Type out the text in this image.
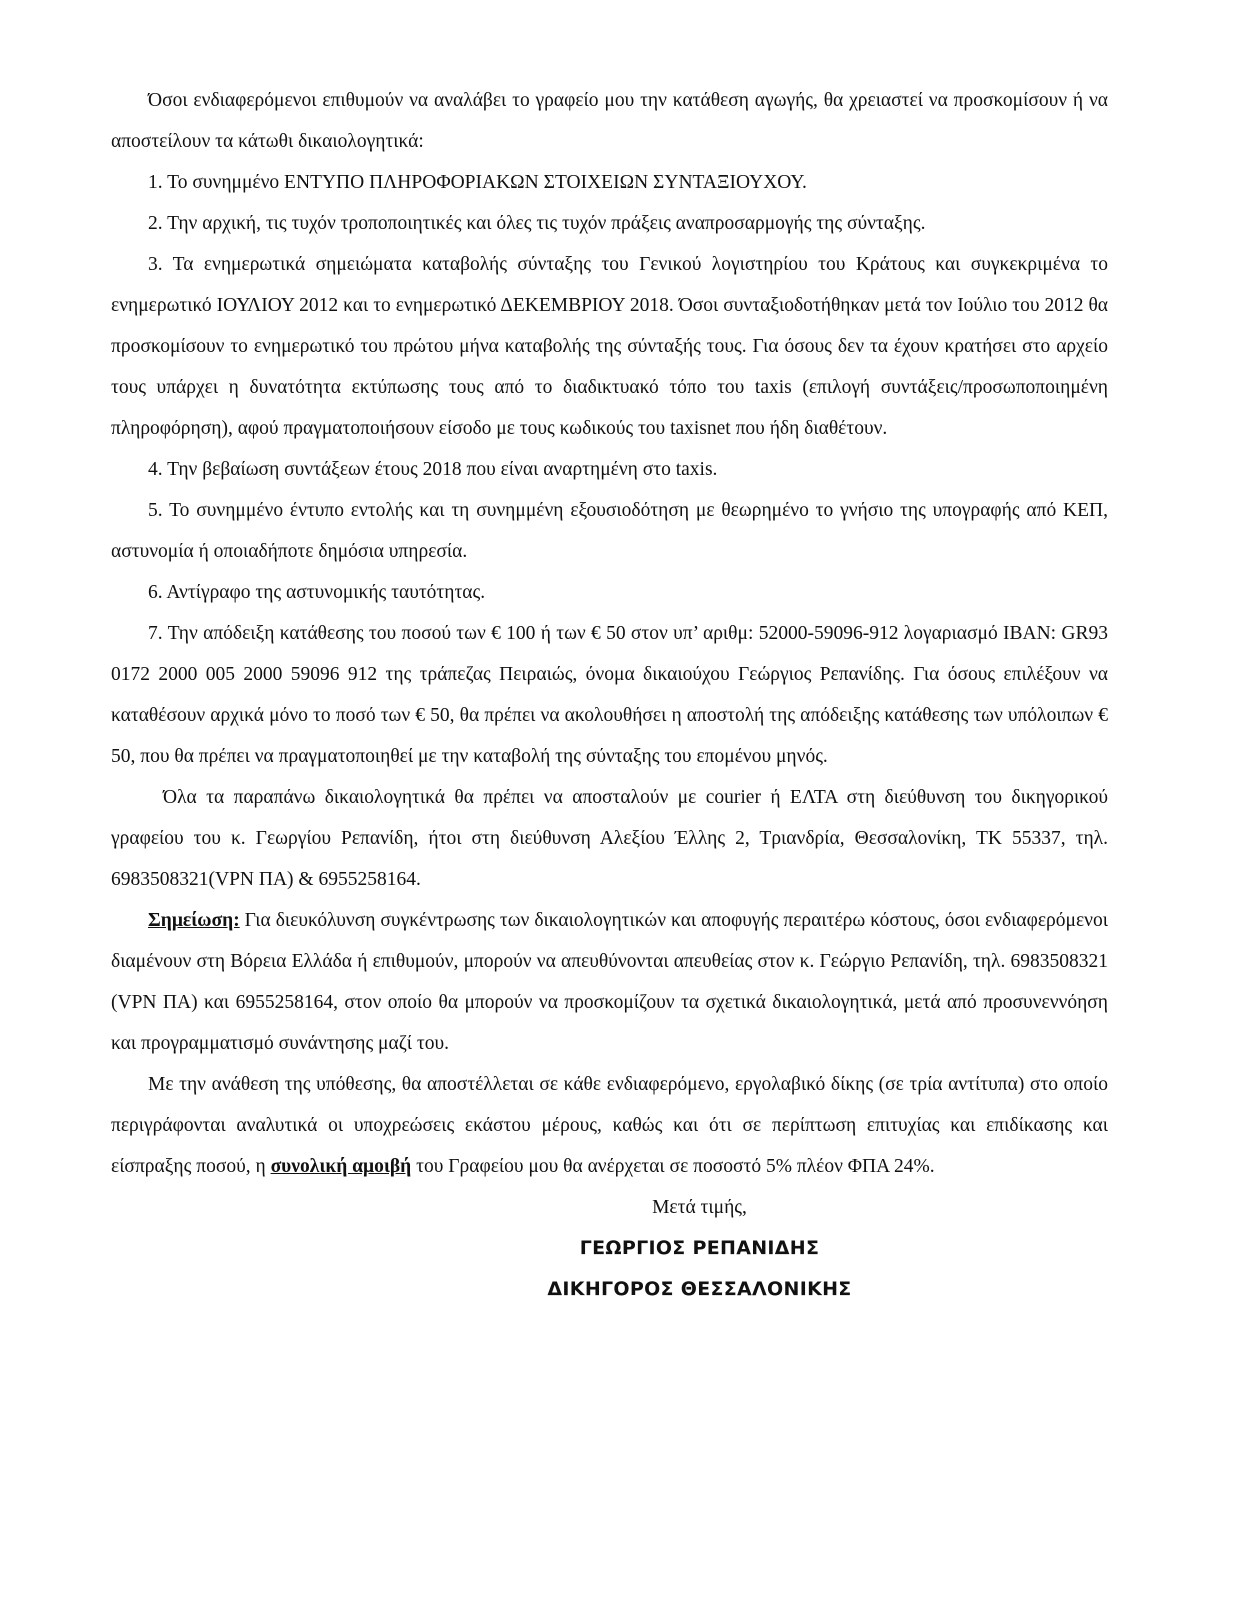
Όσοι ενδιαφερόμενοι επιθυμούν να αναλάβει το γραφείο μου την κατάθεση αγωγής, θα χρειαστεί να προσκομίσουν ή να αποστείλουν τα κάτωθι δικαιολογητικά:

1. Το συνημμένο ΕΝΤΥΠΟ ΠΛΗΡΟΦΟΡΙΑΚΩΝ ΣΤΟΙΧΕΙΩΝ ΣΥΝΤΑΞΙΟΥΧΟΥ.

2. Την αρχική, τις τυχόν τροποποιητικές και όλες τις τυχόν πράξεις αναπροσαρμογής της σύνταξης.

3. Τα ενημερωτικά σημειώματα καταβολής σύνταξης του Γενικού λογιστηρίου του Κράτους και συγκεκριμένα το ενημερωτικό ΙΟΥΛΙΟΥ 2012 και το ενημερωτικό ΔΕΚΕΜΒΡΙΟΥ 2018. Όσοι συνταξιοδοτήθηκαν μετά τον Ιούλιο του 2012 θα προσκομίσουν το ενημερωτικό του πρώτου μήνα καταβολής της σύνταξής τους. Για όσους δεν τα έχουν κρατήσει στο αρχείο τους υπάρχει η δυνατότητα εκτύπωσης τους από το διαδικτυακό τόπο του taxis (επιλογή συντάξεις/προσωποποιημένη πληροφόρηση), αφού πραγματοποιήσουν είσοδο με τους κωδικούς του taxisnet που ήδη διαθέτουν.

4. Την βεβαίωση συντάξεων έτους 2018 που είναι αναρτημένη στο taxis.

5. Το συνημμένο έντυπο εντολής και τη συνημμένη εξουσιοδότηση με θεωρημένο το γνήσιο της υπογραφής από ΚΕΠ, αστυνομία ή οποιαδήποτε δημόσια υπηρεσία.

6. Αντίγραφο της αστυνομικής ταυτότητας.

7. Την απόδειξη κατάθεσης του ποσού των € 100 ή των € 50 στον υπ’ αριθμ: 52000-59096-912 λογαριασμό IBAN: GR93 0172 2000 005 2000 59096 912 της τράπεζας Πειραιώς, όνομα δικαιούχου Γεώργιος Ρεπανίδης. Για όσους επιλέξουν να καταθέσουν αρχικά μόνο το ποσό των € 50, θα πρέπει να ακολουθήσει η αποστολή της απόδειξης κατάθεσης των υπόλοιπων € 50, που θα πρέπει να πραγματοποιηθεί με την καταβολή της σύνταξης του επομένου μηνός.

Όλα τα παραπάνω δικαιολογητικά θα πρέπει να αποσταλούν με courier ή ΕΛΤΑ στη διεύθυνση του δικηγορικού γραφείου του κ. Γεωργίου Ρεπανίδη, ήτοι στη διεύθυνση Αλεξίου Έλλης 2, Τριανδρία, Θεσσαλονίκη, ΤΚ 55337, τηλ. 6983508321(VPN ΠΑ) & 6955258164.

Σημείωση: Για διευκόλυνση συγκέντρωσης των δικαιολογητικών και αποφυγής περαιτέρω κόστους, όσοι ενδιαφερόμενοι διαμένουν στη Βόρεια Ελλάδα ή επιθυμούν, μπορούν να απευθύνονται απευθείας στον κ. Γεώργιο Ρεπανίδη, τηλ. 6983508321 (VPN ΠΑ) και 6955258164, στον οποίο θα μπορούν να προσκομίζουν τα σχετικά δικαιολογητικά, μετά από προσυνεννόηση και προγραμματισμό συνάντησης μαζί του.

Με την ανάθεση της υπόθεσης, θα αποστέλλεται σε κάθε ενδιαφερόμενο, εργολαβικό δίκης (σε τρία αντίτυπα) στο οποίο περιγράφονται αναλυτικά οι υποχρεώσεις εκάστου μέρους, καθώς και ότι σε περίπτωση επιτυχίας και επιδίκασης και είσπραξης ποσού, η συνολική αμοιβή του Γραφείου μου θα ανέρχεται σε ποσοστό 5% πλέον ΦΠΑ 24%.

Μετά τιμής,

ΓΕΩΡΓΙΟΣ ΡΕΠΑΝΙΔΗΣ

ΔΙΚΗΓΟΡΟΣ ΘΕΣΣΑΛΟΝΙΚΗΣ
